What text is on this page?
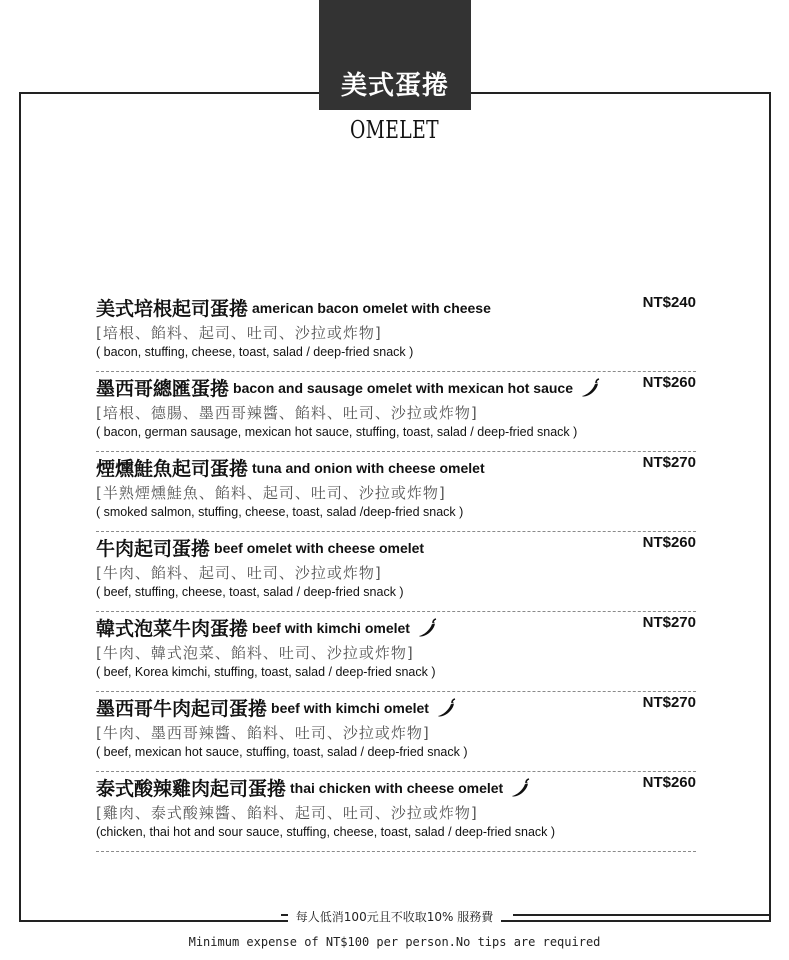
美式蛋捲
OMELET
美式培根起司蛋捲 american bacon omelet with cheese	NT$240
[培根、餡料、起司、吐司、沙拉或炸物]
( bacon, stuffing, cheese, toast, salad / deep-fried snack )
墨西哥總匯蛋捲 bacon and sausage omelet with mexican hot sauce	NT$260
[培根、德腸、墨西哥辣醬、餡料、吐司、沙拉或炸物]
( bacon, german sausage, mexican hot sauce, stuffing, toast, salad / deep-fried snack )
煙燻鮭魚起司蛋捲 tuna and onion with cheese omelet	NT$270
[半熟煙燻鮭魚、餡料、起司、吐司、沙拉或炸物]
( smoked salmon, stuffing, cheese, toast, salad /deep-fried snack )
牛肉起司蛋捲 beef omelet with cheese omelet	NT$260
[牛肉、餡料、起司、吐司、沙拉或炸物]
( beef, stuffing, cheese, toast, salad / deep-fried snack )
韓式泡菜牛肉蛋捲 beef with kimchi omelet	NT$270
[牛肉、韓式泡菜、餡料、吐司、沙拉或炸物]
( beef, Korea kimchi, stuffing, toast, salad / deep-fried snack )
墨西哥牛肉起司蛋捲 beef with kimchi omelet	NT$270
[牛肉、墨西哥辣醬、餡料、吐司、沙拉或炸物]
( beef, mexican hot sauce, stuffing, toast, salad / deep-fried snack )
泰式酸辣雞肉起司蛋捲 thai chicken with cheese omelet	NT$260
[雞肉、泰式酸辣醬、餡料、起司、吐司、沙拉或炸物]
(chicken, thai hot and sour sauce, stuffing, cheese, toast, salad / deep-fried snack )
每人低消100元且不收取10% 服務費
Minimum expense of NT$100 per person.No tips are required
